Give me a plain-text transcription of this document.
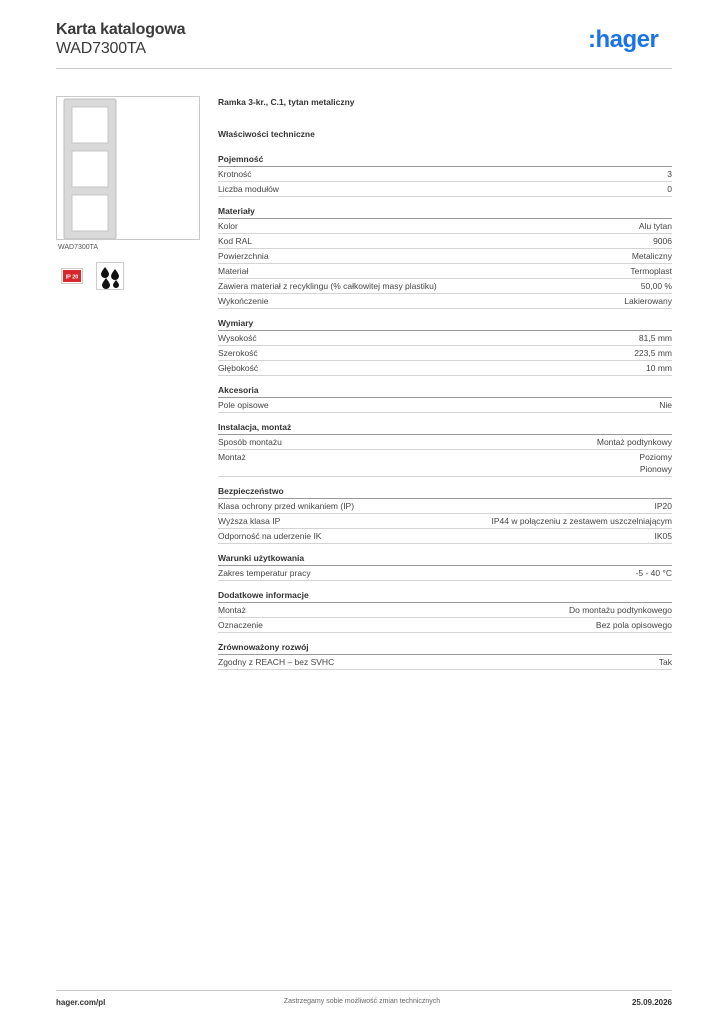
Karta katalogowa
WAD7300TA	:hager
WAD7300TA
IP 20
Ramka 3-kr., C.1, tytan metaliczny
Właściwości techniczne
Pojemność
Krotność	3
Liczba modułów	0
Materiały
Kolor	Alu tytan
Kod RAL	9006
Powierzchnia	Metaliczny
Materiał	Termoplast
Zawiera materiał z recyklingu (% całkowitej masy plastiku)	50,00 %
Wykończenie	Lakierowany
Wymiary
Wysokość	81,5 mm
Szerokość	223,5 mm
Głębokość	10 mm
Akcesoria
Pole opisowe	Nie
Instalacja, montaż
Sposób montażu	Montaż podtynkowy
Montaż	Poziomy
Pionowy
Bezpieczeństwo
Klasa ochrony przed wnikaniem (IP)	IP20
Wyższa klasa IP	IP44 w połączeniu z zestawem uszczelniającym
Odporność na uderzenie IK	IK05
Warunki użytkowania
Zakres temperatur pracy	-5 - 40 °C
Dodatkowe informacje
Montaż	Do montażu podtynkowego
Oznaczenie	Bez pola opisowego
Zrównoważony rozwój
Zgodny z REACH – bez SVHC	Tak
hager.com/pl	Zastrzegamy sobie możliwość zmian technicznych	25.09.2026
